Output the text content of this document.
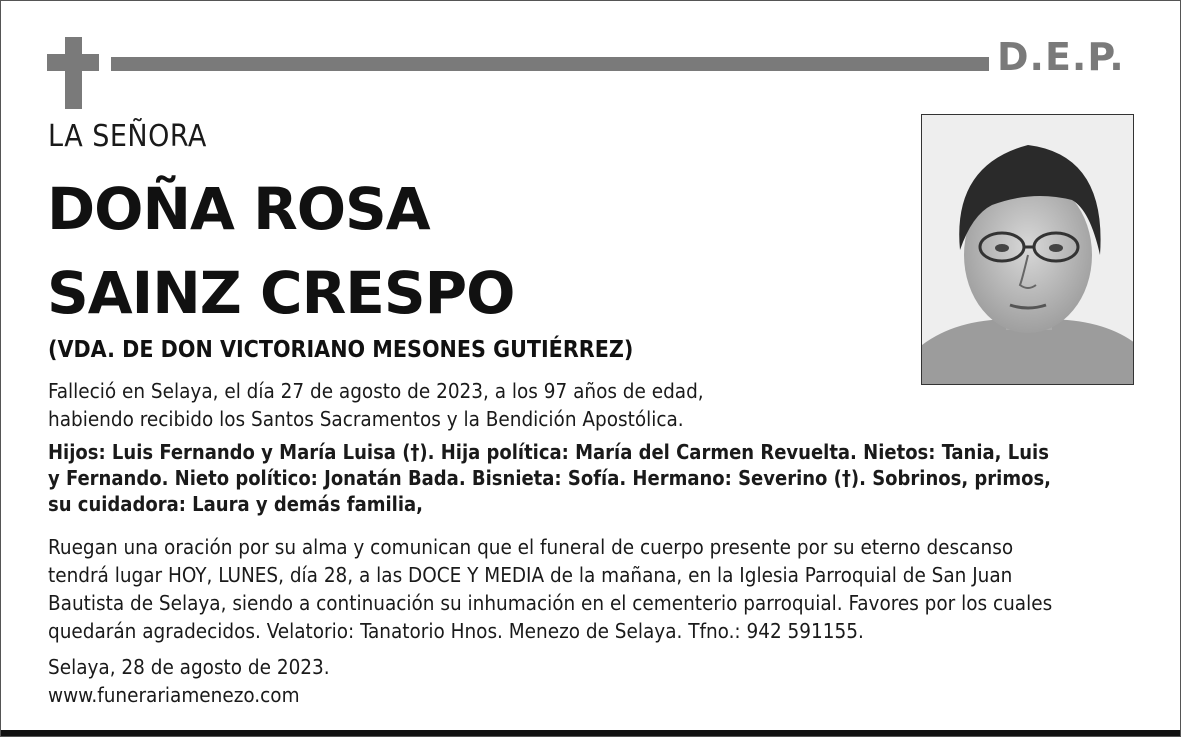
D.E.P.
LA SEÑORA
DOÑA ROSA
SAINZ CRESPO
(VDA. DE DON VICTORIANO MESONES GUTIÉRREZ)
Falleció en Selaya, el día 27 de agosto de 2023, a los 97 años de edad,
habiendo recibido los Santos Sacramentos y la Bendición Apostólica.
Hijos: Luis Fernando y María Luisa (†). Hija política: María del Carmen Revuelta. Nietos: Tania, Luis
y Fernando. Nieto político: Jonatán Bada. Bisnieta: Sofía. Hermano: Severino (†). Sobrinos, primos,
su cuidadora: Laura y demás familia,
Ruegan una oración por su alma y comunican que el funeral de cuerpo presente por su eterno descanso
tendrá lugar HOY, LUNES, día 28, a las DOCE Y MEDIA de la mañana, en la Iglesia Parroquial de San Juan
Bautista de Selaya, siendo a continuación su inhumación en el cementerio parroquial. Favores por los cuales
quedarán agradecidos. Velatorio: Tanatorio Hnos. Menezo de Selaya. Tfno.: 942 591155.
Selaya, 28 de agosto de 2023.
www.funerariamenezo.com
